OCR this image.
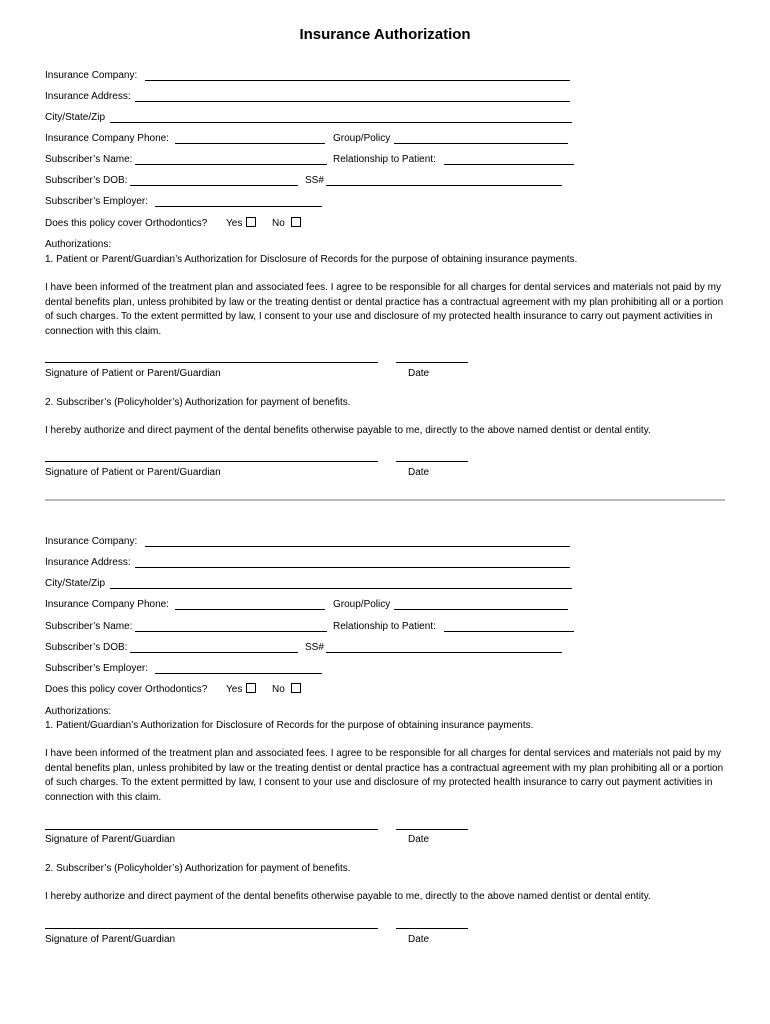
Insurance Authorization
Insurance Company:
Insurance Address:
City/State/Zip
Insurance Company Phone:	Group/Policy
Subscriber’s Name:	Relationship to Patient:
Subscriber’s DOB:	SS#
Subscriber’s Employer:
Does this policy cover Orthodontics? Yes	No
Authorizations:
1. Patient or Parent/Guardian’s Authorization for Disclosure of Records for the purpose of obtaining insurance payments.
I have been informed of the treatment plan and associated fees. I agree to be responsible for all charges for dental services and materials not paid by my dental benefits plan, unless prohibited by law or the treating dentist or dental practice has a contractual agreement with my plan prohibiting all or a portion of such charges. To the extent permitted by law, I consent to your use and disclosure of my protected health insurance to carry out payment activities in connection with this claim.
Signature of Patient or Parent/Guardian	Date
2. Subscriber’s (Policyholder’s) Authorization for payment of benefits.
I hereby authorize and direct payment of the dental benefits otherwise payable to me, directly to the above named dentist or dental entity.
Signature of Patient or Parent/Guardian	Date
Insurance Company:
Insurance Address:
City/State/Zip
Insurance Company Phone:	Group/Policy
Subscriber’s Name:	Relationship to Patient:
Subscriber’s DOB:	SS#
Subscriber’s Employer:
Does this policy cover Orthodontics? Yes	No
Authorizations:
1. Patient/Guardian’s Authorization for Disclosure of Records for the purpose of obtaining insurance payments.
I have been informed of the treatment plan and associated fees. I agree to be responsible for all charges for dental services and materials not paid by my dental benefits plan, unless prohibited by law or the treating dentist or dental practice has a contractual agreement with my plan prohibiting all or a portion of such charges. To the extent permitted by law, I consent to your use and disclosure of my protected health insurance to carry out payment activities in connection with this claim.
Signature of Parent/Guardian	Date
2. Subscriber’s (Policyholder’s) Authorization for payment of benefits.
I hereby authorize and direct payment of the dental benefits otherwise payable to me, directly to the above named dentist or dental entity.
Signature of Parent/Guardian	Date
